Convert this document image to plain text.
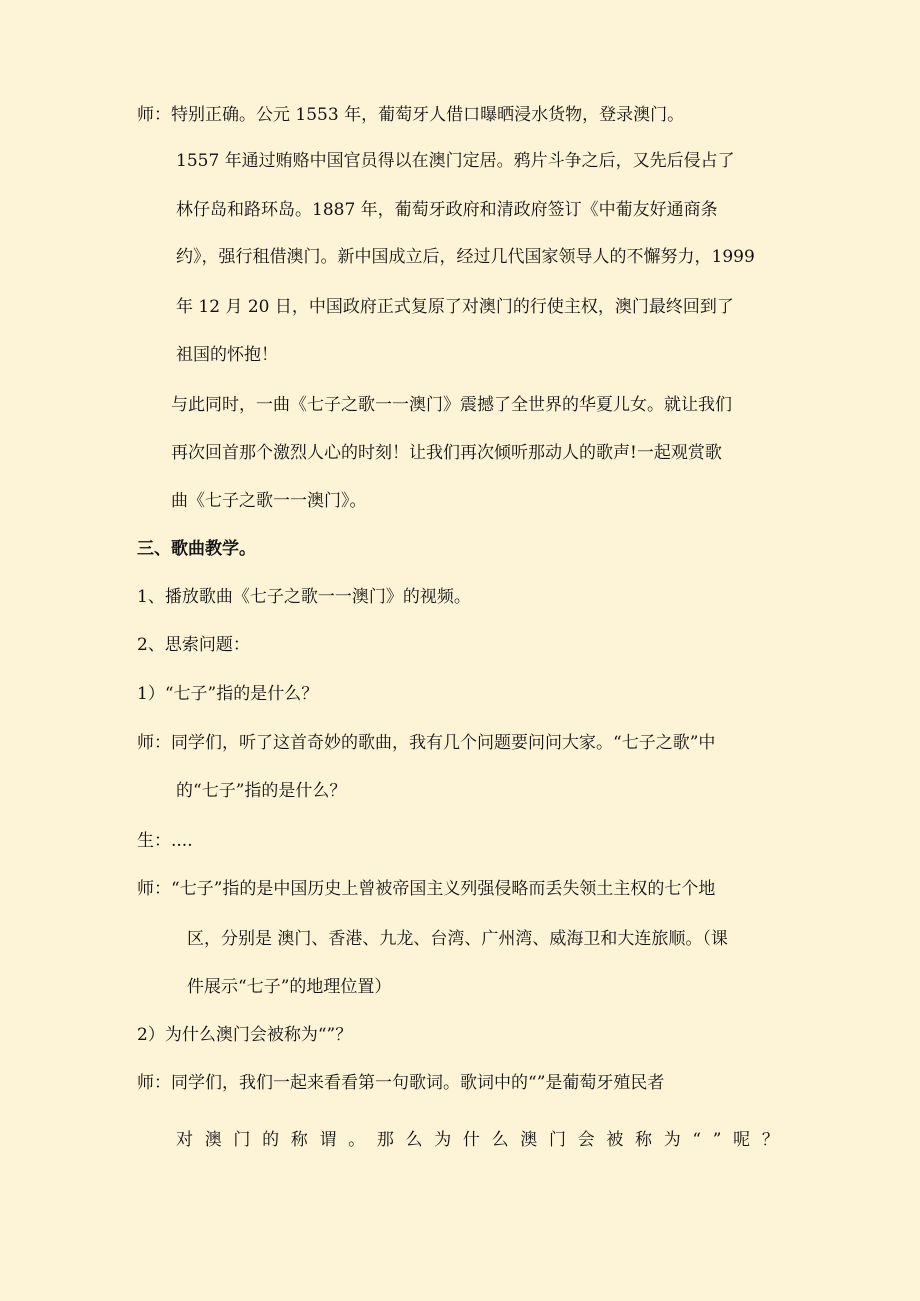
师：特别正确。公元 1553 年，葡萄牙人借口曝晒浸水货物，登录澳门。
1557 年通过贿赂中国官员得以在澳门定居。鸦片斗争之后，又先后侵占了
林仔岛和路环岛。1887 年，葡萄牙政府和清政府签订《中葡友好通商条
约》，强行租借澳门。新中国成立后，经过几代国家领导人的不懈努力，1999
年 12 月 20 日，中国政府正式复原了对澳门的行使主权，澳门最终回到了
祖国的怀抱！
与此同时，一曲《七子之歌一一澳门》震撼了全世界的华夏儿女。就让我们
再次回首那个激烈人心的时刻！让我们再次倾听那动人的歌声!一起观赏歌
曲《七子之歌一一澳门》。
三、歌曲教学。
1、播放歌曲《七子之歌一一澳门》的视频。
2、思索问题：
1）“七子”指的是什么？
师：同学们，听了这首奇妙的歌曲，我有几个问题要问问大家。“七子之歌”中
的“七子”指的是什么？
生：....
师：“七子”指的是中国历史上曾被帝国主义列强侵略而丢失领土主权的七个地
区，分别是 澳门、香港、九龙、台湾、广州湾、威海卫和大连旅顺。（课
件展示“七子”的地理位置）
2）为什么澳门会被称为“”？
师：同学们，我们一起来看看第一句歌词。歌词中的“”是葡萄牙殖民者
对 澳 门 的 称 谓 。 那 么 为 什 么 澳 门 会 被 称 为 “ ” 呢 ？
